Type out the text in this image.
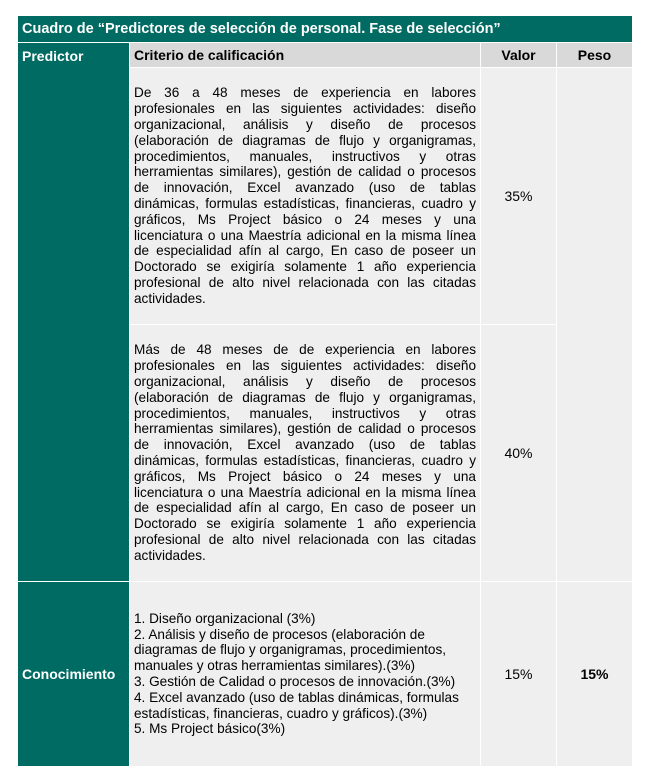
Cuadro de “Predictores de selección de personal. Fase de selección”			
Predictor	Criterio de calificación	Valor	Peso
	De 36 a 48 meses de experiencia en labores profesionales en las siguientes actividades: diseño organizacional, análisis y diseño de procesos (elaboración de diagramas de flujo y organigramas, procedimientos, manuales, instructivos y otras herramientas similares), gestión de calidad o procesos de innovación, Excel avanzado (uso de tablas dinámicas, formulas estadísticas, financieras, cuadro y gráficos, Ms Project básico o 24 meses y una licenciatura o una Maestría adicional en la misma línea de especialidad afín al cargo, En caso de poseer un Doctorado se exigiría solamente 1 año experiencia profesional de alto nivel relacionada con las citadas actividades.	35%	
	Más de 48 meses de de experiencia en labores profesionales en las siguientes actividades: diseño organizacional, análisis y diseño de procesos (elaboración de diagramas de flujo y organigramas, procedimientos, manuales, instructivos y otras herramientas similares), gestión de calidad o procesos de innovación, Excel avanzado (uso de tablas dinámicas, formulas estadísticas, financieras, cuadro y gráficos, Ms Project básico o 24 meses y una licenciatura o una Maestría adicional en la misma línea de especialidad afín al cargo, En caso de poseer un Doctorado se exigiría solamente 1 año experiencia profesional de alto nivel relacionada con las citadas actividades.	40%	
Conocimiento	1. Diseño organizacional (3%)
2. Análisis y diseño de procesos (elaboración de diagramas de flujo y organigramas, procedimientos, manuales y otras herramientas similares).(3%)
3. Gestión de Calidad o procesos de innovación.(3%)
4. Excel avanzado (uso de tablas dinámicas, formulas estadísticas, financieras, cuadro y gráficos).(3%)
5. Ms Project básico(3%)	15%	15%
